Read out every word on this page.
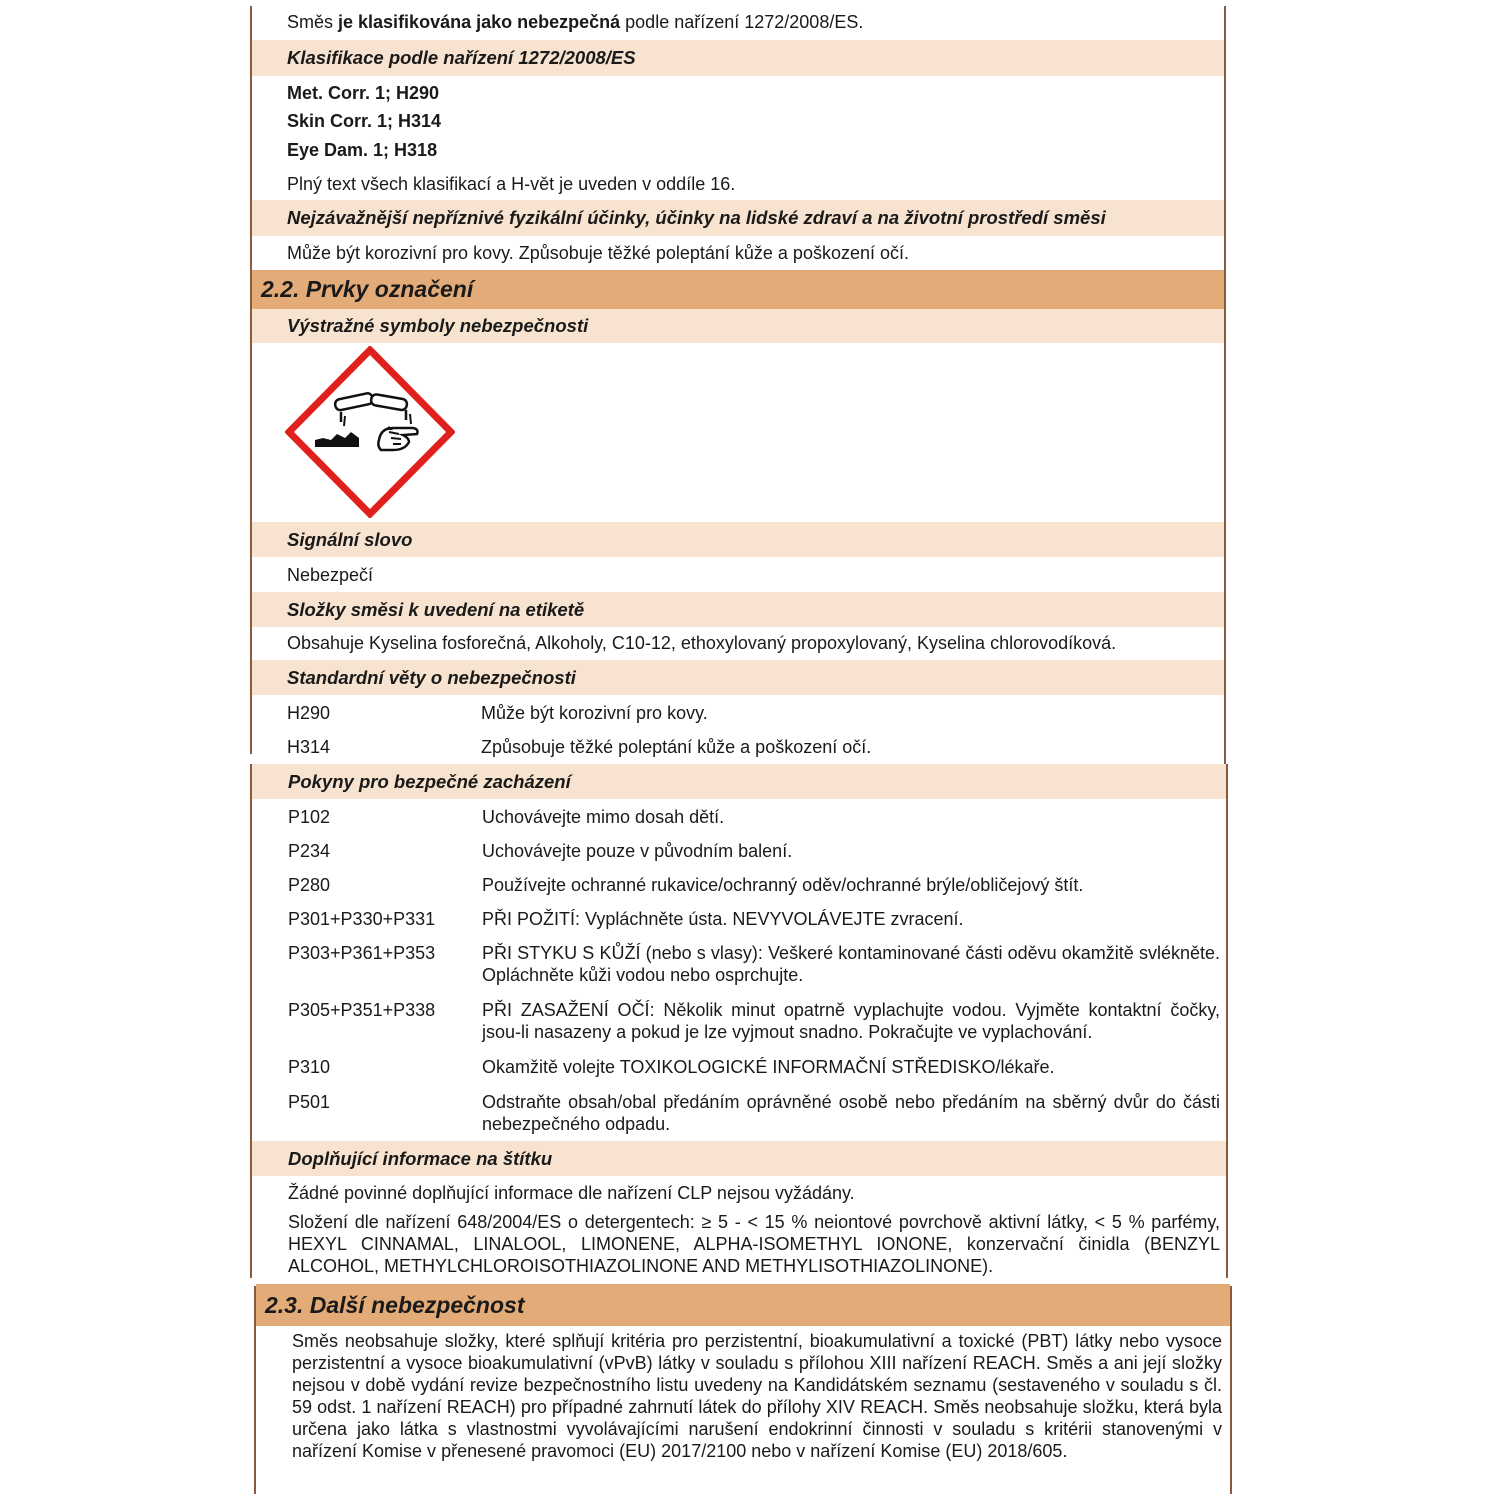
Směs je klasifikována jako nebezpečná podle nařízení 1272/2008/ES.
Klasifikace podle nařízení 1272/2008/ES
Met. Corr. 1; H290
Skin Corr. 1; H314
Eye Dam. 1; H318
Plný text všech klasifikací a H-vět je uveden v oddíle 16.
Nejzávažnější nepříznivé fyzikální účinky, účinky na lidské zdraví a na životní prostředí směsi
Může být korozivní pro kovy. Způsobuje těžké poleptání kůže a poškození očí.
2.2. Prvky označení
Výstražné symboly nebezpečnosti
Signální slovo
Nebezpečí
Složky směsi k uvedení na etiketě
Obsahuje Kyselina fosforečná, Alkoholy, C10-12, ethoxylovaný propoxylovaný, Kyselina chlorovodíková.
Standardní věty o nebezpečnosti
H290	Může být korozivní pro kovy.
H314	Způsobuje těžké poleptání kůže a poškození očí.
Pokyny pro bezpečné zacházení
P102	Uchovávejte mimo dosah dětí.
P234	Uchovávejte pouze v původním balení.
P280	Používejte ochranné rukavice/ochranný oděv/ochranné brýle/obličejový štít.
P301+P330+P331	PŘI POŽITÍ: Vypláchněte ústa. NEVYVOLÁVEJTE zvracení.
P303+P361+P353	PŘI STYKU S KŮŽÍ (nebo s vlasy): Veškeré kontaminované části oděvu okamžitě svlékněte. Opláchněte kůži vodou nebo osprchujte.
P305+P351+P338	PŘI ZASAŽENÍ OČÍ: Několik minut opatrně vyplachujte vodou. Vyjměte kontaktní čočky, jsou-li nasazeny a pokud je lze vyjmout snadno. Pokračujte ve vyplachování.
P310	Okamžitě volejte TOXIKOLOGICKÉ INFORMAČNÍ STŘEDISKO/lékaře.
P501	Odstraňte obsah/obal předáním oprávněné osobě nebo předáním na sběrný dvůr do části nebezpečného odpadu.
Doplňující informace na štítku
Žádné povinné doplňující informace dle nařízení CLP nejsou vyžádány.
Složení dle nařízení 648/2004/ES o detergentech: ≥ 5 - < 15 % neiontové povrchově aktivní látky, < 5 % parfémy, HEXYL CINNAMAL, LINALOOL, LIMONENE, ALPHA-ISOMETHYL IONONE, konzervační činidla (BENZYL ALCOHOL, METHYLCHLOROISOTHIAZOLINONE AND METHYLISOTHIAZOLINONE).
2.3. Další nebezpečnost
Směs neobsahuje složky, které splňují kritéria pro perzistentní, bioakumulativní a toxické (PBT) látky nebo vysoce perzistentní a vysoce bioakumulativní (vPvB) látky v souladu s přílohou XIII nařízení REACH. Směs a ani její složky nejsou v době vydání revize bezpečnostního listu uvedeny na Kandidátském seznamu (sestaveného v souladu s čl. 59 odst. 1 nařízení REACH) pro případné zahrnutí látek do přílohy XIV REACH. Směs neobsahuje složku, která byla určena jako látka s vlastnostmi vyvolávajícími narušení endokrinní činnosti v souladu s kritérii stanovenými v nařízení Komise v přenesené pravomoci (EU) 2017/2100 nebo v nařízení Komise (EU) 2018/605.
